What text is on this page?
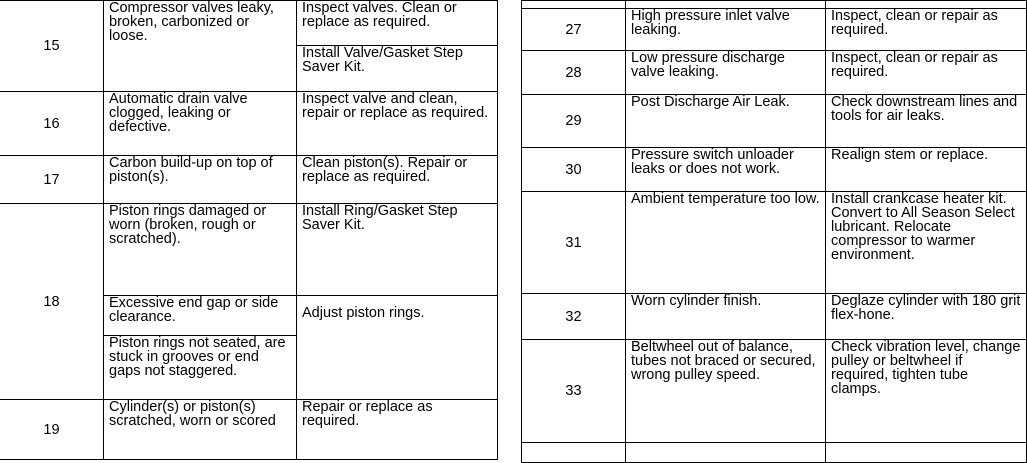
15	Compressor valves leaky, broken, carbonized or loose.	Inspect valves. Clean or replace as required.
		Install Valve/Gasket Step Saver Kit.
16	Automatic drain valve clogged, leaking or defective.	Inspect valve and clean, repair or replace as required.
17	Carbon build-up on top of piston(s).	Clean piston(s). Repair or replace as required.
18	Piston rings damaged or worn (broken, rough or scratched).	Install Ring/Gasket Step Saver Kit.
	Excessive end gap or side clearance.	Adjust piston rings.
	Piston rings not seated, are stuck in grooves or end gaps not staggered.	
19	Cylinder(s) or piston(s) scratched, worn or scored	Repair or replace as required.

27	High pressure inlet valve leaking.	Inspect, clean or repair as required.
28	Low pressure discharge valve leaking.	Inspect, clean or repair as required.
29	Post Discharge Air Leak.	Check downstream lines and tools for air leaks.
30	Pressure switch unloader leaks or does not work.	Realign stem or replace.
31	Ambient temperature too low.	Install crankcase heater kit. Convert to All Season Select lubricant. Relocate compressor to warmer environment.
32	Worn cylinder finish.	Deglaze cylinder with 180 grit flex-hone.
33	Beltwheel out of balance, tubes not braced or secured, wrong pulley speed.	Check vibration level, change pulley or beltwheel if required, tighten tube clamps.
